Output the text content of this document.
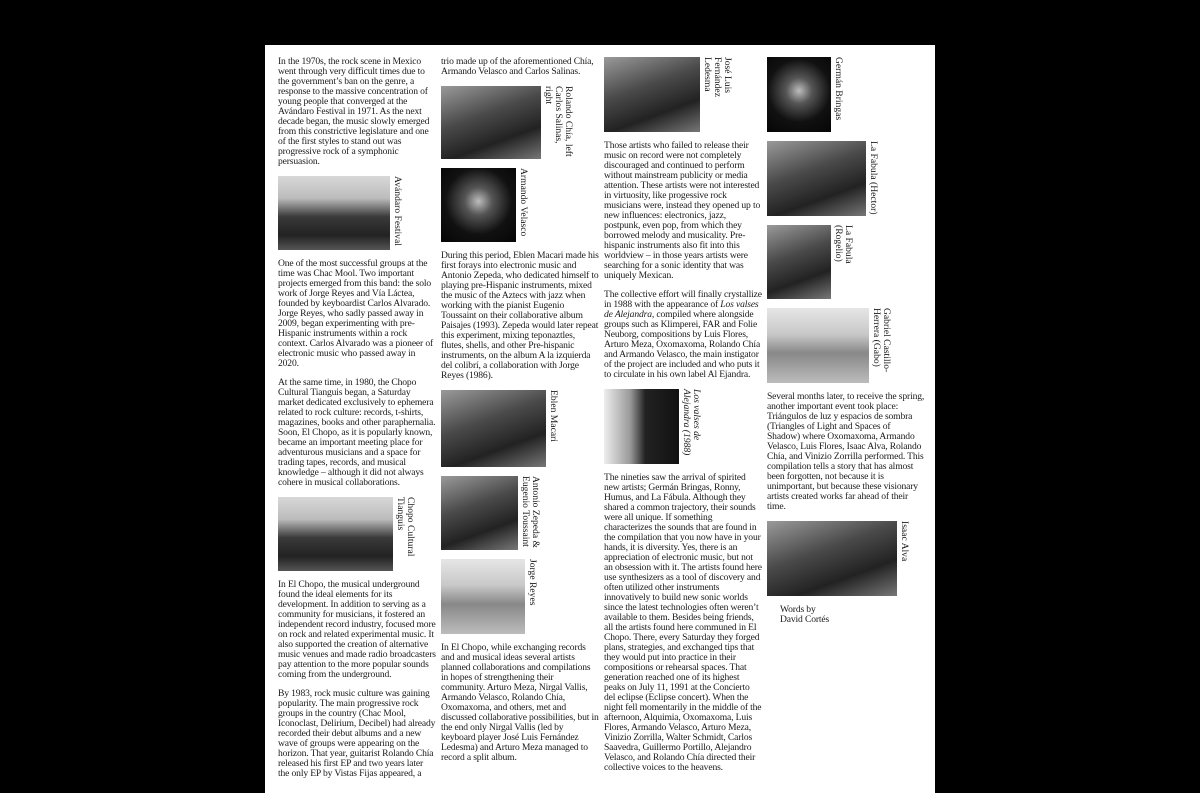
In the 1970s, the rock scene in Mexico went through very difficult times due to the government’s ban on the genre, a response to the massive concentration of young people that converged at the Avándaro Festival in 1971. As the next decade began, the music slowly emerged from this constrictive legislature and one of the first styles to stand out was progressive rock of a symphonic persuasion.

Avándaro Festival

One of the most successful groups at the time was Chac Mool. Two important projects emerged from this band: the solo work of Jorge Reyes and Vía Láctea, founded by keyboardist Carlos Alvarado. Jorge Reyes, who sadly passed away in 2009, began experimenting with pre-Hispanic instruments within a rock context. Carlos Alvarado was a pioneer of electronic music who passed away in 2020.

At the same time, in 1980, the Chopo Cultural Tianguis began, a Saturday market dedicated exclusively to ephemera related to rock culture: records, t-shirts, magazines, books and other paraphernalia. Soon, El Chopo, as it is popularly known, became an important meeting place for adventurous musicians and a space for trading tapes, records, and musical knowledge – although it did not always cohere in musical collaborations.

Chopo Cultural
Tianguis

In El Chopo, the musical underground found the ideal elements for its development. In addition to serving as a community for musicians, it fostered an independent record industry, focused more on rock and related experimental music. It also supported the creation of alternative music venues and made radio broadcasters pay attention to the more popular sounds coming from the underground.

By 1983, rock music culture was gaining popularity. The main progressive rock groups in the country (Chac Mool, Iconoclast, Delirium, Decibel) had already recorded their debut albums and a new wave of groups were appearing on the horizon. That year, guitarist Rolando Chía released his first EP and two years later the only EP by Vistas Fijas appeared, a

trio made up of the aforementioned Chía, Armando Velasco and Carlos Salinas.

Rolando Chía, left
Carlos Salinas, right
Armando Velasco

During this period, Eblen Macari made his first forays into electronic music and Antonio Zepeda, who dedicated himself to playing pre-Hispanic instruments, mixed the music of the Aztecs with jazz when working with the pianist Eugenio Toussaint on their collaborative album Paisajes (1993). Zepeda would later repeat this experiment, mixing teponaztles, flutes, shells, and other Pre-hispanic instruments, on the album A la izquierda del colibrí, a collaboration with Jorge Reyes (1986).

Eblen Macari
Antonio Zepeda &
Eugenio Toussaint
Jorge Reyes

In El Chopo, while exchanging records and and musical ideas several artists planned collaborations and compilations in hopes of strengthening their community. Arturo Meza, Nirgal Vallis, Armando Velasco, Rolando Chía, Oxomaxoma, and others, met and discussed collaborative possibilities, but in the end only Nirgal Vallis (led by keyboard player José Luis Fernández Ledesma) and Arturo Meza managed to record a split album.

José Luis Fernández
Ledesma

Those artists who failed to release their music on record were not completely discouraged and continued to perform without mainstream publicity or media attention. These artists were not interested in virtuosity, like progessive rock musicians were, instead they opened up to new influences: electronics, jazz, postpunk, even pop, from which they borrowed melody and musicality. Pre-hispanic instruments also fit into this worldview – in those years artists were searching for a sonic identity that was uniquely Mexican.

The collective effort will finally crystallize in 1988 with the appearance of Los valses de Alejandra, compiled where alongside groups such as Klimperei, FAR and Folie Neuborg, compositions by Luis Flores, Arturo Meza, Oxomaxoma, Rolando Chía and Armando Velasco, the main instigator of the project are included and who puts it to circulate in his own label Al Ejandra.

Los valses de
Alejandra (1988)

The nineties saw the arrival of spirited new artists; Germán Bringas, Ronny, Humus, and La Fábula. Although they shared a common trajectory, their sounds were all unique. If something characterizes the sounds that are found in the compilation that you now have in your hands, it is diversity. Yes, there is an appreciation of electronic music, but not an obsession with it. The artists found here use synthesizers as a tool of discovery and often utilized other instruments innovatively to build new sonic worlds since the latest technologies often weren’t available to them. Besides being friends, all the artists found here communed in El Chopo. There, every Saturday they forged plans, strategies, and exchanged tips that they would put into practice in their compositions or rehearsal spaces. That generation reached one of its highest peaks on July 11, 1991 at the Concierto del eclipse (Eclipse concert). When the night fell momentarily in the middle of the afternoon, Alquimia, Oxomaxoma, Luis Flores, Armando Velasco, Arturo Meza, Vinizio Zorrilla, Walter Schmidt, Carlos Saavedra, Guillermo Portillo, Alejandro Velasco, and Rolando Chía directed their collective voices to the heavens.

Germán Bringas
La Fabula (Hector)
La Fabula (Rogelio)
Gabriel Castillo-
Herrera (Gabo)

Several months later, to receive the spring, another important event took place: Triángulos de luz y espacios de sombra (Triangles of Light and Spaces of Shadow) where Oxomaxoma, Armando Velasco, Luis Flores, Isaac Alva, Rolando Chía, and Vinizio Zorrilla performed. This compilation tells a story that has almost been forgotten, not because it is unimportant, but because these visionary artists created works far ahead of their time.

Isaac Alva

Words by
David Cortés
